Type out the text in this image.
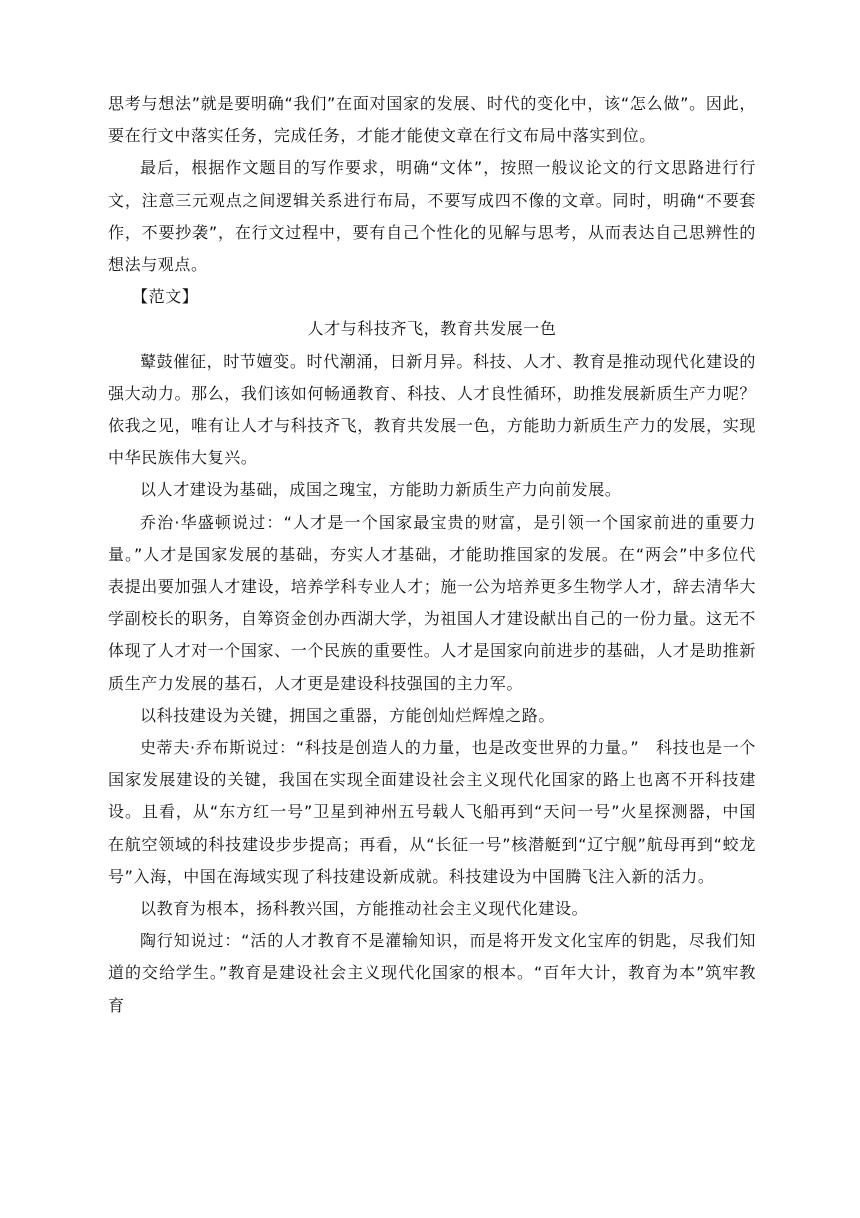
思考与想法”就是要明确“我们”在面对国家的发展、时代的变化中，该“怎么做”。因此，要在行文中落实任务，完成任务，才能才能使文章在行文布局中落实到位。

最后，根据作文题目的写作要求，明确“文体”，按照一般议论文的行文思路进行行文，注意三元观点之间逻辑关系进行布局，不要写成四不像的文章。同时，明确“不要套作，不要抄袭”，在行文过程中，要有自己个性化的见解与思考，从而表达自己思辨性的想法与观点。

【范文】

人才与科技齐飞，教育共发展一色

鼙鼓催征，时节嬗变。时代潮涌，日新月异。科技、人才、教育是推动现代化建设的强大动力。那么，我们该如何畅通教育、科技、人才良性循环，助推发展新质生产力呢？依我之见，唯有让人才与科技齐飞，教育共发展一色，方能助力新质生产力的发展，实现中华民族伟大复兴。

以人才建设为基础，成国之瑰宝，方能助力新质生产力向前发展。

乔治·华盛顿说过：“人才是一个国家最宝贵的财富，是引领一个国家前进的重要力量。”人才是国家发展的基础，夯实人才基础，才能助推国家的发展。在“两会”中多位代表提出要加强人才建设，培养学科专业人才；施一公为培养更多生物学人才，辞去清华大学副校长的职务，自筹资金创办西湖大学，为祖国人才建设献出自己的一份力量。这无不体现了人才对一个国家、一个民族的重要性。人才是国家向前进步的基础，人才是助推新质生产力发展的基石，人才更是建设科技强国的主力军。

以科技建设为关键，拥国之重器，方能创灿烂辉煌之路。

史蒂夫·乔布斯说过：“科技是创造人的力量，也是改变世界的力量。”　科技也是一个国家发展建设的关键，我国在实现全面建设社会主义现代化国家的路上也离不开科技建设。且看，从“东方红一号”卫星到神州五号载人飞船再到“天问一号”火星探测器，中国在航空领域的科技建设步步提高；再看，从“长征一号”核潜艇到“辽宁舰”航母再到“蛟龙号”入海，中国在海域实现了科技建设新成就。科技建设为中国腾飞注入新的活力。

以教育为根本，扬科教兴国，方能推动社会主义现代化建设。

陶行知说过：“活的人才教育不是灌输知识，而是将开发文化宝库的钥匙，尽我们知道的交给学生。”教育是建设社会主义现代化国家的根本。“百年大计，教育为本”筑牢教育
